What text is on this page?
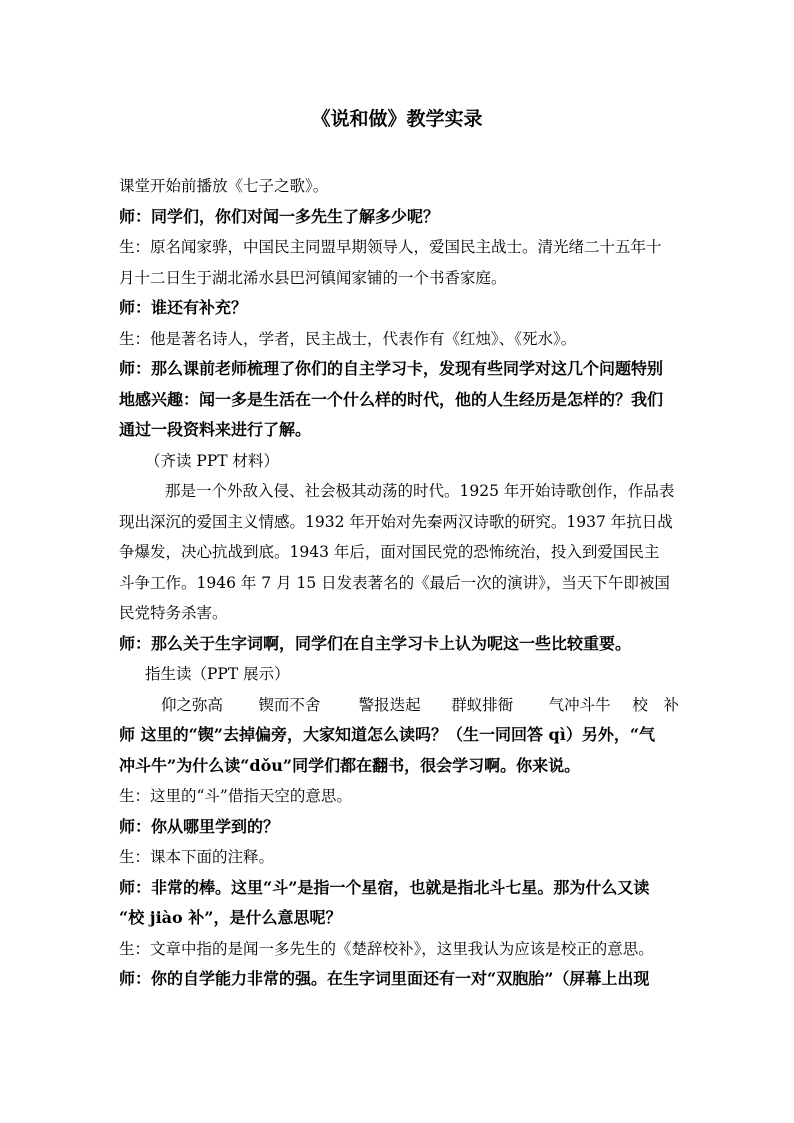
《说和做》教学实录

课堂开始前播放《七子之歌》。

师：同学们，你们对闻一多先生了解多少呢？

生：原名闻家骅，中国民主同盟早期领导人，爱国民主战士。清光绪二十五年十

月十二日生于湖北浠水县巴河镇闻家铺的一个书香家庭。

师：谁还有补充？

生：他是著名诗人，学者，民主战士，代表作有《红烛》、《死水》。

师：那么课前老师梳理了你们的自主学习卡，发现有些同学对这几个问题特别

地感兴趣：闻一多是生活在一个什么样的时代，他的人生经历是怎样的？我们

通过一段资料来进行了解。

（齐读 PPT 材料）

那是一个外敌入侵、社会极其动荡的时代。1925 年开始诗歌创作，作品表

现出深沉的爱国主义情感。1932 年开始对先秦两汉诗歌的研究。1937 年抗日战

争爆发，决心抗战到底。1943 年后，面对国民党的恐怖统治，投入到爱国民主

斗争工作。1946 年 7 月 15 日发表著名的《最后一次的演讲》，当天下午即被国

民党特务杀害。

师：那么关于生字词啊，同学们在自主学习卡上认为呢这一些比较重要。

指生读（PPT 展示）

仰之弥高	锲而不舍	警报迭起	群蚁排衙	气冲斗牛	校	补

师 这里的“锲”去掉偏旁，大家知道怎么读吗？（生一同回答 qì）另外，“气

冲斗牛”为什么读“dǒu”同学们都在翻书，很会学习啊。你来说。

生：这里的“斗”借指天空的意思。

师：你从哪里学到的？

生：课本下面的注释。

师：非常的棒。这里“斗”是指一个星宿，也就是指北斗七星。那为什么又读

“校 jiào 补”，是什么意思呢？

生：文章中指的是闻一多先生的《楚辞校补》，这里我认为应该是校正的意思。

师：你的自学能力非常的强。在生字词里面还有一对“双胞胎”（屏幕上出现
